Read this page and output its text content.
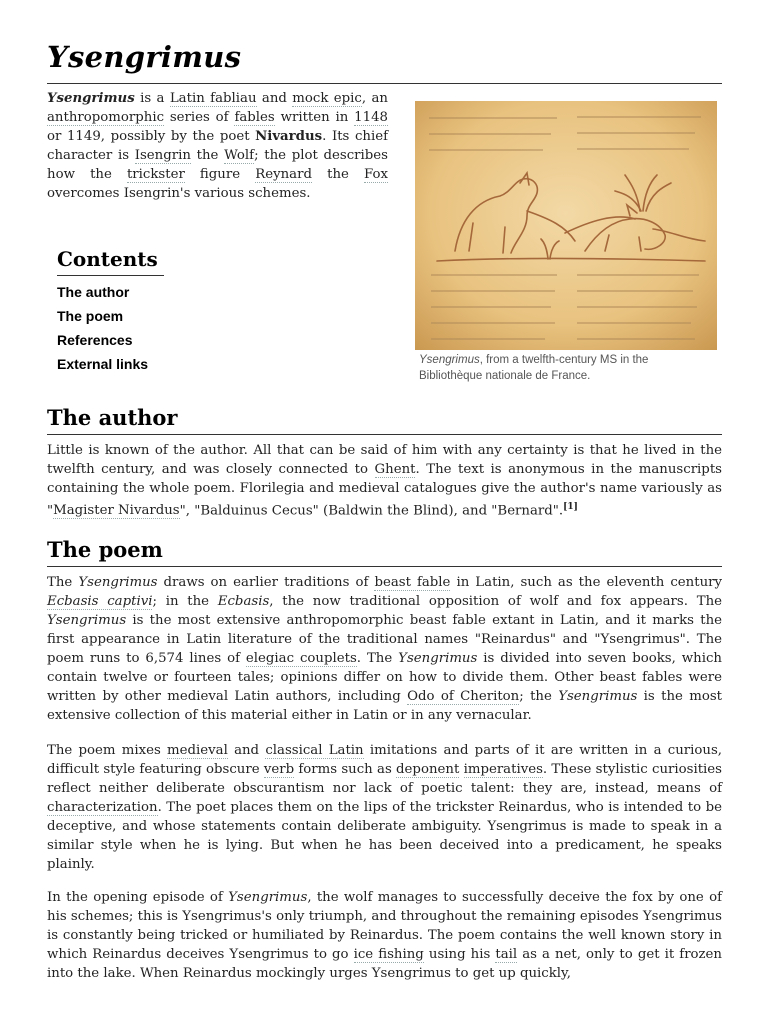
Ysengrimus

Ysengrimus is a Latin fabliau and mock epic, an anthropomorphic series of fables written in 1148 or 1149, possibly by the poet Nivardus. Its chief character is Isengrin the Wolf; the plot describes how the trickster figure Reynard the Fox overcomes Isengrin's various schemes.

Contents
The author
The poem
References
External links	Ysengrimus, from a twelfth-century MS in the Bibliothèque nationale de France.
The author

Little is known of the author. All that can be said of him with any certainty is that he lived in the twelfth century, and was closely connected to Ghent. The text is anonymous in the manuscripts containing the whole poem. Florilegia and medieval catalogues give the author's name variously as "Magister Nivardus", "Balduinus Cecus" (Baldwin the Blind), and "Bernard".[1]

The poem

The Ysengrimus draws on earlier traditions of beast fable in Latin, such as the eleventh century Ecbasis captivi; in the Ecbasis, the now traditional opposition of wolf and fox appears. The Ysengrimus is the most extensive anthropomorphic beast fable extant in Latin, and it marks the first appearance in Latin literature of the traditional names "Reinardus" and "Ysengrimus". The poem runs to 6,574 lines of elegiac couplets. The Ysengrimus is divided into seven books, which contain twelve or fourteen tales; opinions differ on how to divide them. Other beast fables were written by other medieval Latin authors, including Odo of Cheriton; the Ysengrimus is the most extensive collection of this material either in Latin or in any vernacular.

The poem mixes medieval and classical Latin imitations and parts of it are written in a curious, difficult style featuring obscure verb forms such as deponent imperatives. These stylistic curiosities reflect neither deliberate obscurantism nor lack of poetic talent: they are, instead, means of characterization. The poet places them on the lips of the trickster Reinardus, who is intended to be deceptive, and whose statements contain deliberate ambiguity. Ysengrimus is made to speak in a similar style when he is lying. But when he has been deceived into a predicament, he speaks plainly.

In the opening episode of Ysengrimus, the wolf manages to successfully deceive the fox by one of his schemes; this is Ysengrimus's only triumph, and throughout the remaining episodes Ysengrimus is constantly being tricked or humiliated by Reinardus. The poem contains the well known story in which Reinardus deceives Ysengrimus to go ice fishing using his tail as a net, only to get it frozen into the lake. When Reinardus mockingly urges Ysengrimus to get up quickly,
